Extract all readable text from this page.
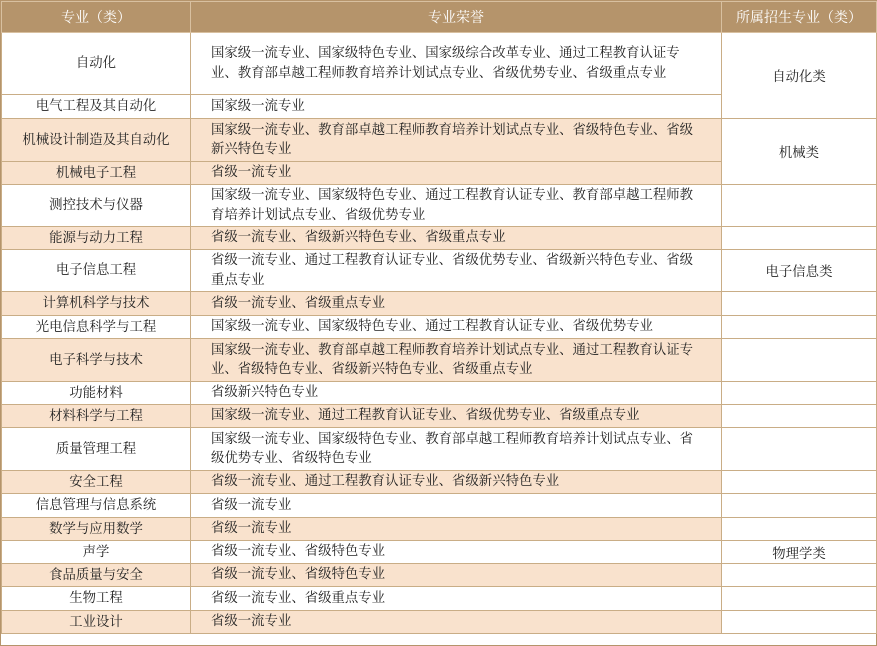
专业（类）	专业荣誉	所属招生专业（类）
自动化	国家级一流专业、国家级特色专业、国家级综合改革专业、通过工程教育认证专业、教育部卓越工程师教育培养计划试点专业、省级优势专业、省级重点专业	自动化类
电气工程及其自动化	国家级一流专业	
机械设计制造及其自动化	国家级一流专业、教育部卓越工程师教育培养计划试点专业、省级特色专业、省级新兴特色专业	机械类
机械电子工程	省级一流专业	
测控技术与仪器	国家级一流专业、国家级特色专业、通过工程教育认证专业、教育部卓越工程师教育培养计划试点专业、省级优势专业	
能源与动力工程	省级一流专业、省级新兴特色专业、省级重点专业	
电子信息工程	省级一流专业、通过工程教育认证专业、省级优势专业、省级新兴特色专业、省级重点专业	电子信息类
计算机科学与技术	省级一流专业、省级重点专业	
光电信息科学与工程	国家级一流专业、国家级特色专业、通过工程教育认证专业、省级优势专业	
电子科学与技术	国家级一流专业、教育部卓越工程师教育培养计划试点专业、通过工程教育认证专业、省级特色专业、省级新兴特色专业、省级重点专业	
功能材料	省级新兴特色专业	
材料科学与工程	国家级一流专业、通过工程教育认证专业、省级优势专业、省级重点专业	
质量管理工程	国家级一流专业、国家级特色专业、教育部卓越工程师教育培养计划试点专业、省级优势专业、省级特色专业	
安全工程	省级一流专业、通过工程教育认证专业、省级新兴特色专业	
信息管理与信息系统	省级一流专业	
数学与应用数学	省级一流专业	
声学	省级一流专业、省级特色专业	物理学类
食品质量与安全	省级一流专业、省级特色专业	
生物工程	省级一流专业、省级重点专业	
工业设计	省级一流专业	
